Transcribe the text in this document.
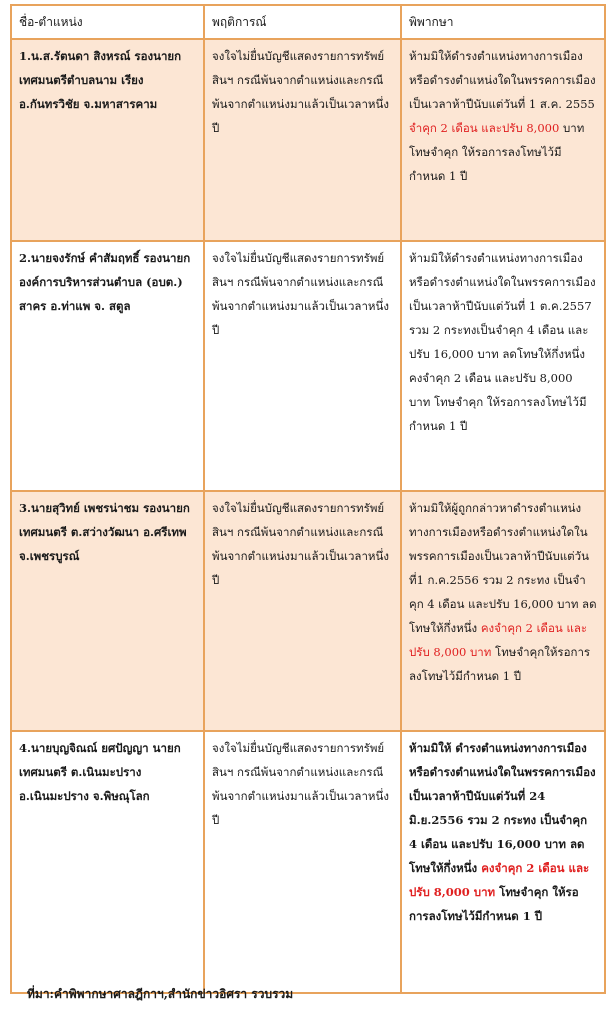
ชื่อ-ตำแหน่ง	พฤติการณ์	พิพากษา
1.น.ส.รัตนดา สิงหรณ์ รองนายกเทศมนตรีตำบลนาม เรียง อ.กันทรวิชัย จ.มหาสารคาม	จงใจไม่ยื่นบัญชีแสดงรายการทรัพย์สินฯ กรณีพ้นจากตำแหน่งและกรณีพ้นจากตำแหน่งมาแล้วเป็นเวลาหนึ่งปี	ห้ามมิให้ดำรงตำแหน่งทางการเมืองหรือดำรงตำแหน่งใดในพรรคการเมืองเป็นเวลาห้าปีนับแต่วันที่ 1 ส.ค. 2555 จำคุก 2 เดือน และปรับ 8,000 บาท โทษจำคุก ให้รอการลงโทษไว้มีกำหนด 1 ปี

2.นายจงรักษ์ คำสัมฤทธิ์ รองนายกองค์การบริหารส่วนตำบล (อบต.) สาคร อ.ท่าแพ จ. สตูล	จงใจไม่ยื่นบัญชีแสดงรายการทรัพย์สินฯ กรณีพ้นจากตำแหน่งและกรณีพ้นจากตำแหน่งมาแล้วเป็นเวลาหนึ่งปี	ห้ามมิให้ดำรงตำแหน่งทางการเมืองหรือดำรงตำแหน่งใดในพรรคการเมืองเป็นเวลาห้าปีนับแต่วันที่ 1 ต.ค.2557 รวม 2 กระทงเป็นจำคุก 4 เดือน และปรับ 16,000 บาท ลดโทษให้กึ่งหนึ่ง คงจำคุก 2 เดือน และปรับ 8,000 บาท โทษจำคุก ให้รอการลงโทษไว้มีกำหนด 1 ปี
3.นายสุวิทย์ เพชรน่าชม รองนายกเทศมนตรี ต.สว่างวัฒนา อ.ศรีเทพ จ.เพชรบูรณ์	จงใจไม่ยื่นบัญชีแสดงรายการทรัพย์สินฯ กรณีพ้นจากตำแหน่งและกรณีพ้นจากตำแหน่งมาแล้วเป็นเวลาหนึ่งปี	ห้ามมิให้ผู้ถูกกล่าวหาดำรงตำแหน่งทางการเมืองหรือดำรงตำแหน่งใดในพรรคการเมืองเป็นเวลาห้าปีนับแต่วันที่1 ก.ค.2556 รวม 2 กระทง เป็นจำคุก 4 เดือน และปรับ 16,000 บาท ลดโทษให้กึ่งหนึ่ง คงจำคุก 2 เดือน และปรับ 8,000 บาท โทษจำคุกให้รอการลงโทษไว้มีกำหนด 1 ปี

4.นายบุญจิณณ์ ยศปัญญา นายกเทศมนตรี ต.เนินมะปราง อ.เนินมะปราง จ.พิษณุโลก	จงใจไม่ยื่นบัญชีแสดงรายการทรัพย์สินฯ กรณีพ้นจากตำแหน่งและกรณีพ้นจากตำแหน่งมาแล้วเป็นเวลาหนึ่งปี	ห้ามมิให้ ดำรงตำแหน่งทางการเมืองหรือดำรงตำแหน่งใดในพรรคการเมืองเป็นเวลาห้าปีนับแต่วันที่ 24 มิ.ย.2556 รวม 2 กระทง เป็นจำคุก 4 เดือน และปรับ 16,000 บาท ลดโทษให้กึ่งหนึ่ง คงจำคุก 2 เดือน และปรับ 8,000 บาท โทษจำคุก ให้รอการลงโทษไว้มีกำหนด 1 ปี

ที่มา:คำพิพากษาศาลฎีกาฯ,สำนักข่าวอิศรา รวบรวม
